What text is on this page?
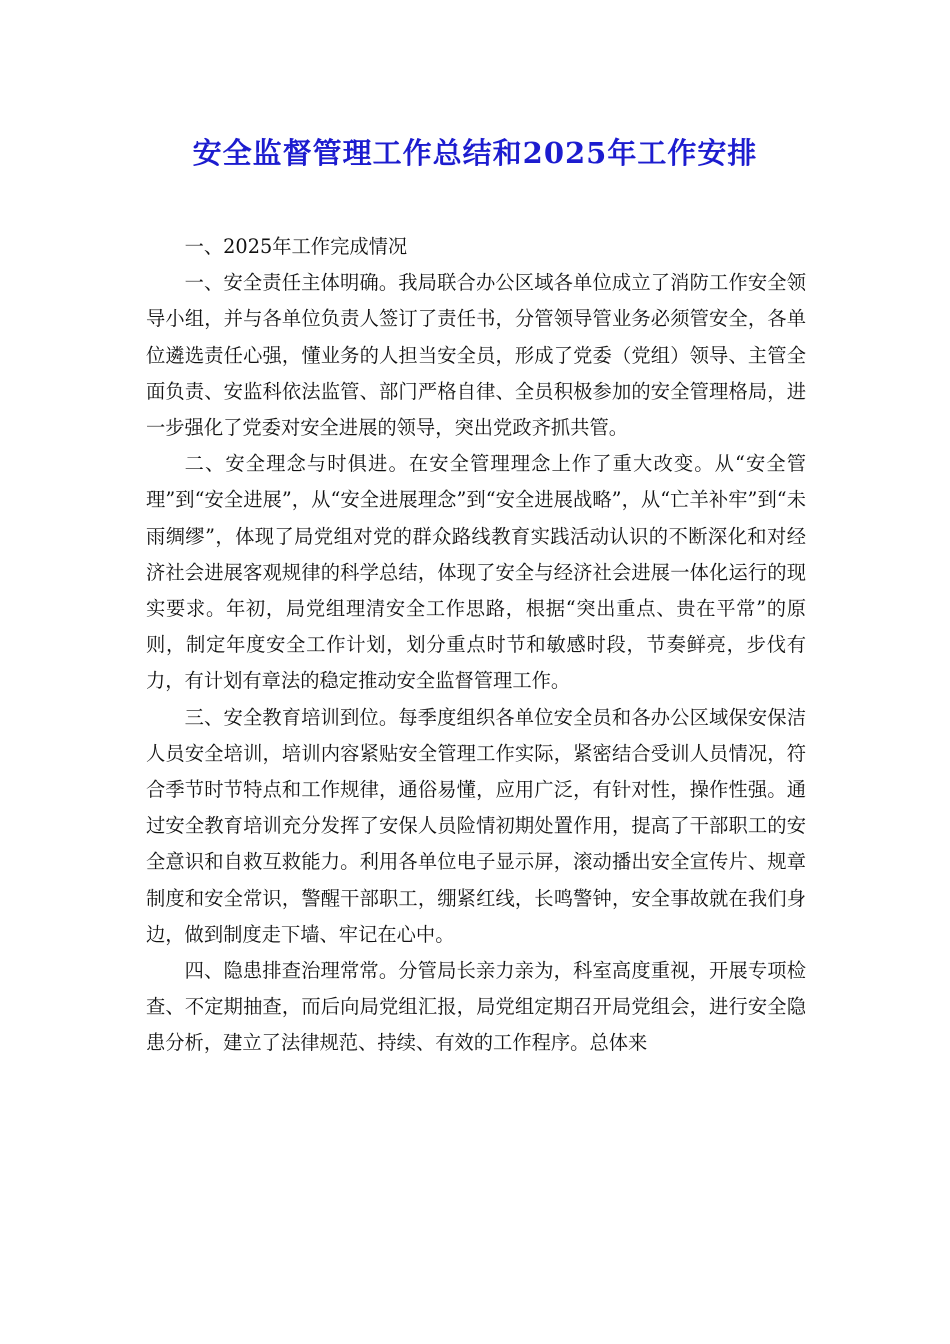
安全监督管理工作总结和2025年工作安排

一、2025年工作完成情况

一、安全责任主体明确。我局联合办公区域各单位成立了消防工作安全领导小组，并与各单位负责人签订了责任书，分管领导管业务必须管安全，各单位遴选责任心强，懂业务的人担当安全员，形成了党委（党组）领导、主管全面负责、安监科依法监管、部门严格自律、全员积极参加的安全管理格局，进一步强化了党委对安全进展的领导，突出党政齐抓共管。

二、安全理念与时俱进。在安全管理理念上作了重大改变。从“安全管理”到“安全进展”，从“安全进展理念”到“安全进展战略”，从“亡羊补牢”到“未雨绸缪”，体现了局党组对党的群众路线教育实践活动认识的不断深化和对经济社会进展客观规律的科学总结，体现了安全与经济社会进展一体化运行的现实要求。年初，局党组理清安全工作思路，根据“突出重点、贵在平常”的原则，制定年度安全工作计划，划分重点时节和敏感时段，节奏鲜亮，步伐有力，有计划有章法的稳定推动安全监督管理工作。

三、安全教育培训到位。每季度组织各单位安全员和各办公区域保安保洁人员安全培训，培训内容紧贴安全管理工作实际，紧密结合受训人员情况，符合季节时节特点和工作规律，通俗易懂，应用广泛，有针对性，操作性强。通过安全教育培训充分发挥了安保人员险情初期处置作用，提高了干部职工的安全意识和自救互救能力。利用各单位电子显示屏，滚动播出安全宣传片、规章制度和安全常识，警醒干部职工，绷紧红线，长鸣警钟，安全事故就在我们身边，做到制度走下墙、牢记在心中。

四、隐患排查治理常常。分管局长亲力亲为，科室高度重视，开展专项检查、不定期抽查，而后向局党组汇报，局党组定期召开局党组会，进行安全隐患分析，建立了法律规范、持续、有效的工作程序。总体来
